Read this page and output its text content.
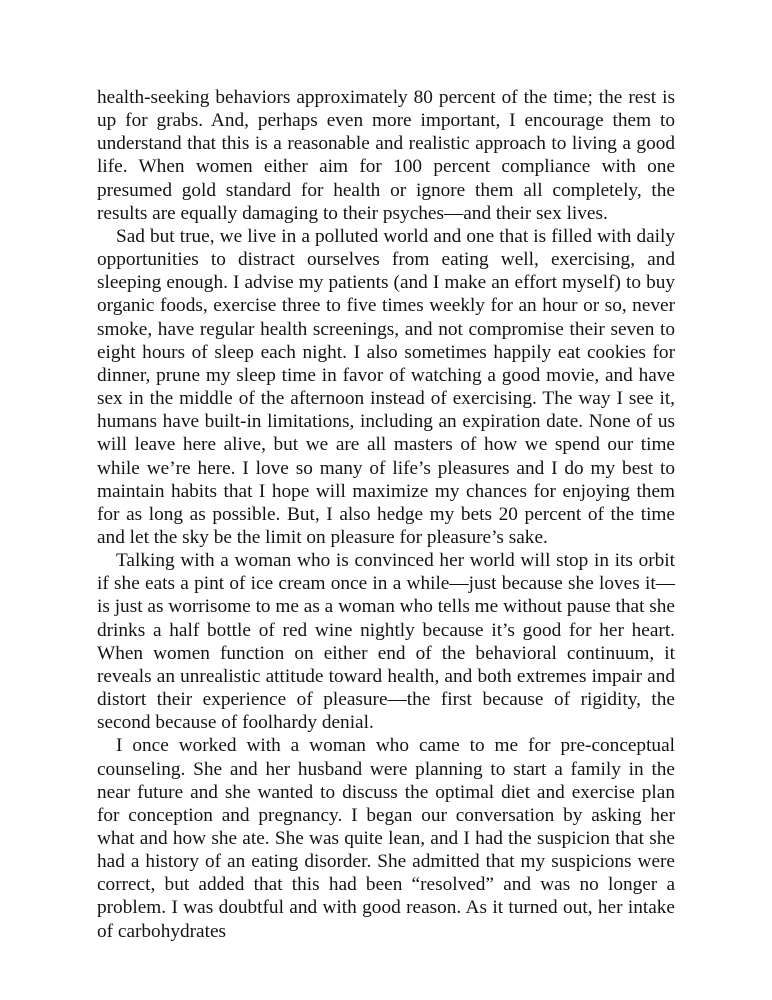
health-seeking behaviors approximately 80 percent of the time; the rest is up for grabs. And, perhaps even more important, I encourage them to understand that this is a reasonable and realistic approach to living a good life. When women either aim for 100 percent compliance with one presumed gold standard for health or ignore them all completely, the results are equally damaging to their psyches—and their sex lives.

Sad but true, we live in a polluted world and one that is filled with daily opportunities to distract ourselves from eating well, exercising, and sleeping enough. I advise my patients (and I make an effort myself) to buy organic foods, exercise three to five times weekly for an hour or so, never smoke, have regular health screenings, and not compromise their seven to eight hours of sleep each night. I also sometimes happily eat cookies for dinner, prune my sleep time in favor of watching a good movie, and have sex in the middle of the afternoon instead of exercising. The way I see it, humans have built-in limitations, including an expiration date. None of us will leave here alive, but we are all masters of how we spend our time while we’re here. I love so many of life’s pleasures and I do my best to maintain habits that I hope will maximize my chances for enjoying them for as long as possible. But, I also hedge my bets 20 percent of the time and let the sky be the limit on pleasure for pleasure’s sake.

Talking with a woman who is convinced her world will stop in its orbit if she eats a pint of ice cream once in a while—just because she loves it—is just as worrisome to me as a woman who tells me without pause that she drinks a half bottle of red wine nightly because it’s good for her heart. When women function on either end of the behavioral continuum, it reveals an unrealistic attitude toward health, and both extremes impair and distort their experience of pleasure—the first because of rigidity, the second because of foolhardy denial.

I once worked with a woman who came to me for pre-conceptual counseling. She and her husband were planning to start a family in the near future and she wanted to discuss the optimal diet and exercise plan for conception and pregnancy. I began our conversation by asking her what and how she ate. She was quite lean, and I had the suspicion that she had a history of an eating disorder. She admitted that my suspicions were correct, but added that this had been “resolved” and was no longer a problem. I was doubtful and with good reason. As it turned out, her intake of carbohydrates
